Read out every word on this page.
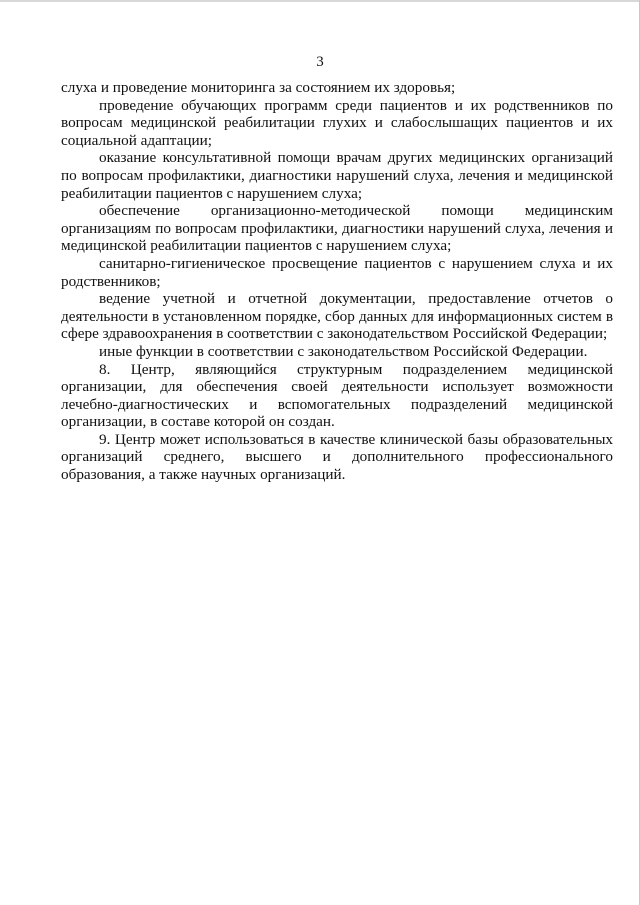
3

слуха и проведение мониторинга за состоянием их здоровья;

проведение обучающих программ среди пациентов и их родственников по вопросам медицинской реабилитации глухих и слабослышащих пациентов и их социальной адаптации;

оказание консультативной помощи врачам других медицинских организаций по вопросам профилактики, диагностики нарушений слуха, лечения и медицинской реабилитации пациентов с нарушением слуха;

обеспечение организационно-методической помощи медицинским организациям по вопросам профилактики, диагностики нарушений слуха, лечения и медицинской реабилитации пациентов с нарушением слуха;

санитарно-гигиеническое просвещение пациентов с нарушением слуха и их родственников;

ведение учетной и отчетной документации, предоставление отчетов о деятельности в установленном порядке, сбор данных для информационных систем в сфере здравоохранения в соответствии с законодательством Российской Федерации;

иные функции в соответствии с законодательством Российской Федерации.

8. Центр, являющийся структурным подразделением медицинской организации, для обеспечения своей деятельности использует возможности лечебно-диагностических и вспомогательных подразделений медицинской организации, в составе которой он создан.

9. Центр может использоваться в качестве клинической базы образовательных организаций среднего, высшего и дополнительного профессионального образования, а также научных организаций.
